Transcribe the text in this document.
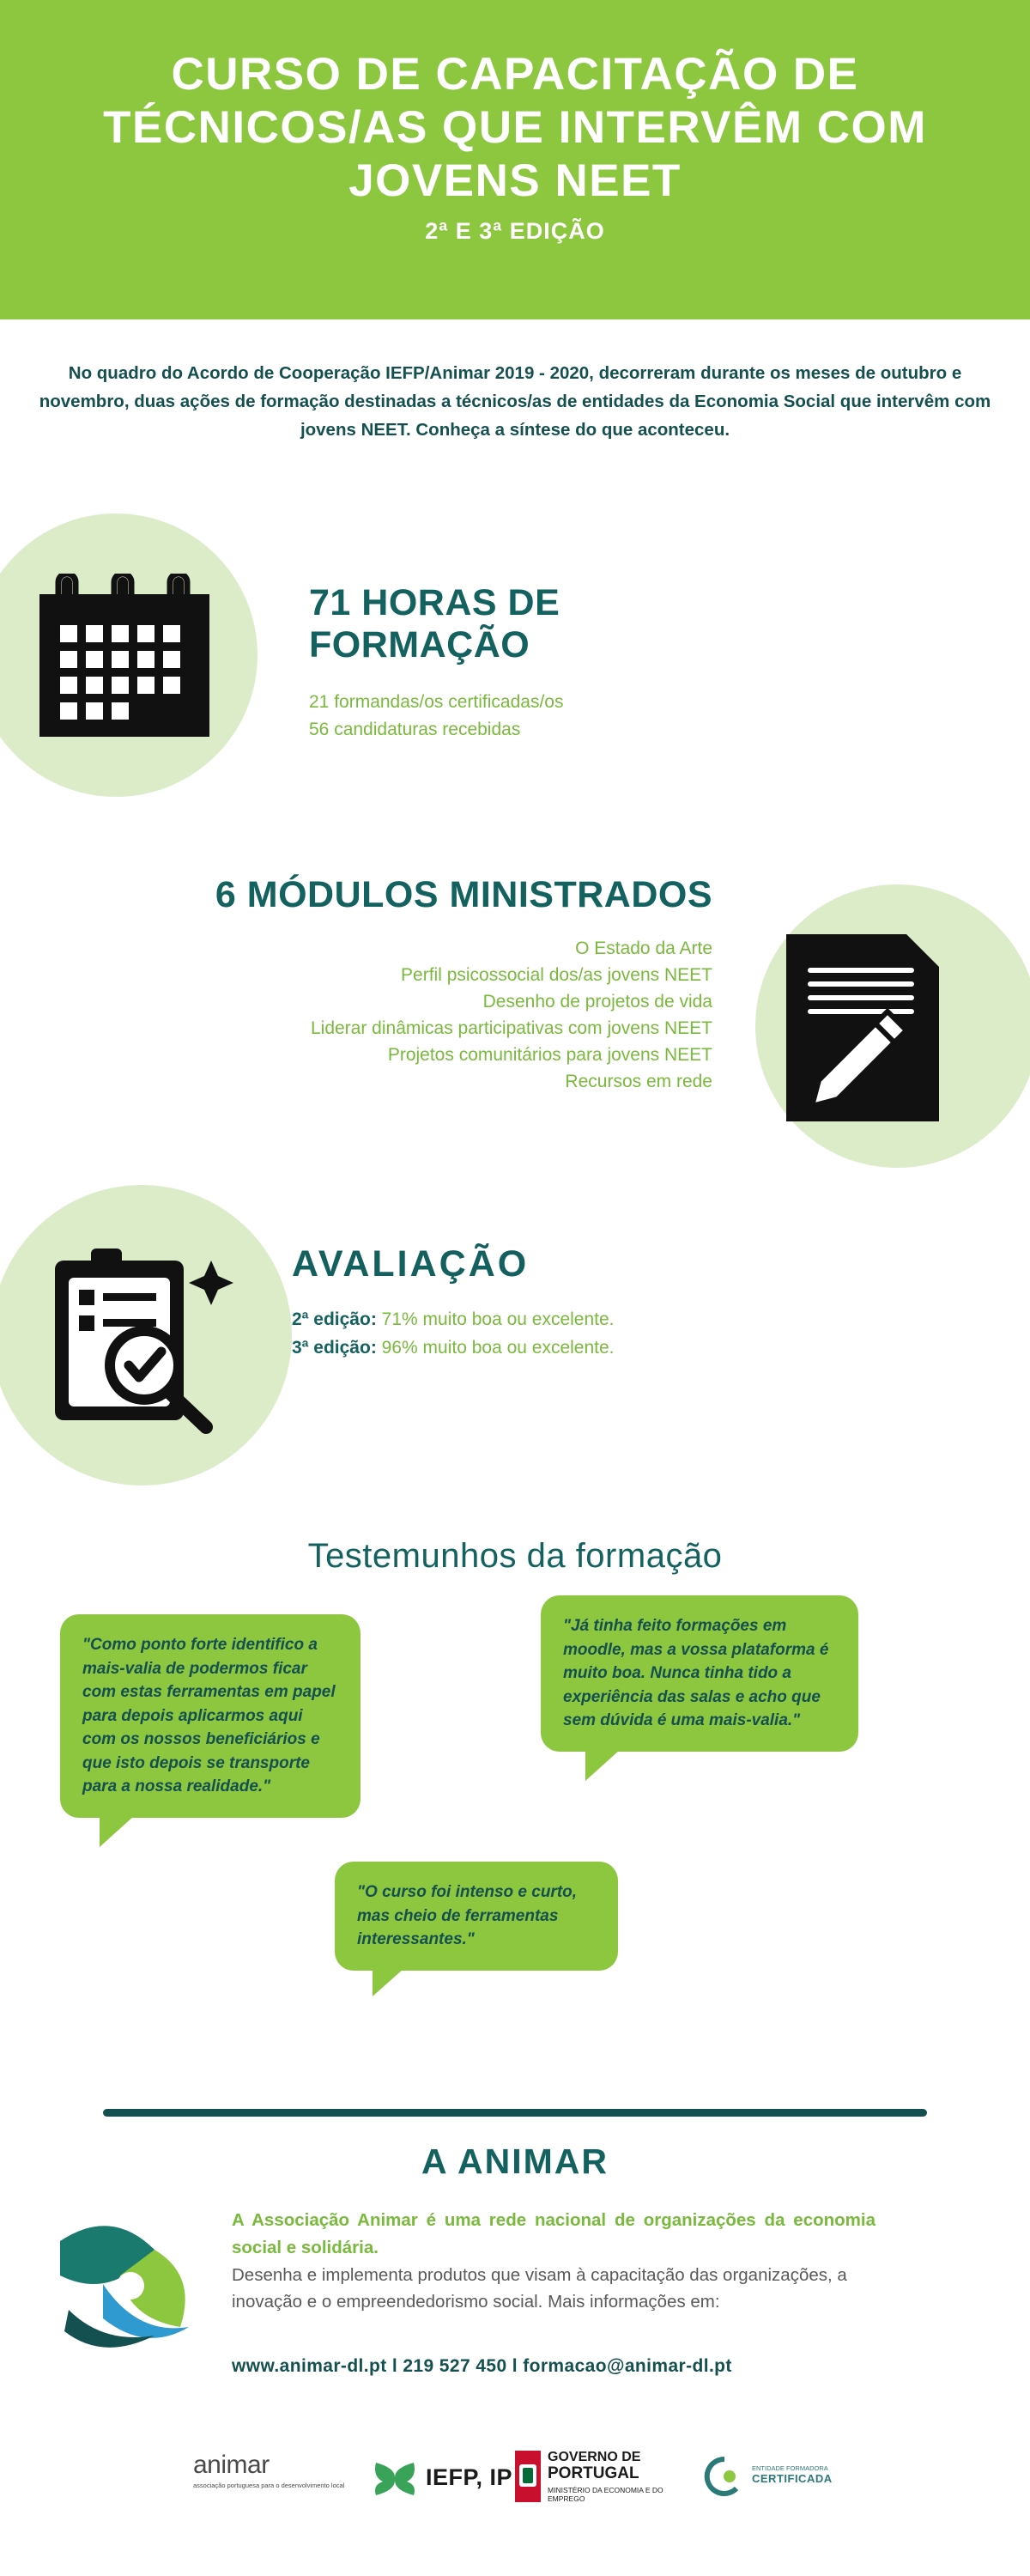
CURSO DE CAPACITAÇÃO DE TÉCNICOS/AS QUE INTERVÊM COM JOVENS NEET
2ª E 3ª EDIÇÃO
No quadro do Acordo de Cooperação IEFP/Animar 2019 - 2020, decorreram durante os meses de outubro e novembro, duas ações de formação destinadas a técnicos/as de entidades da Economia Social que intervêm com jovens NEET. Conheça a síntese do que aconteceu.
71 HORAS DE FORMAÇÃO
21 formandas/os certificadas/os
56 candidaturas recebidas
6 MÓDULOS MINISTRADOS
O Estado da Arte
Perfil psicossocial dos/as jovens NEET
Desenho de projetos de vida
Liderar dinâmicas participativas com jovens NEET
Projetos comunitários para jovens NEET
Recursos em rede
AVALIAÇÃO
2ª edição: 71% muito boa ou excelente.
3ª edição: 96% muito boa ou excelente.
Testemunhos da formação
"Como ponto forte identifico a mais-valia de podermos ficar com estas ferramentas em papel para depois aplicarmos aqui com os nossos beneficiários e que isto depois se transporte para a nossa realidade."
"Já tinha feito formações em moodle, mas a vossa plataforma é muito boa. Nunca tinha tido a experiência das salas e acho que sem dúvida é uma mais-valia."
"O curso foi intenso e curto, mas cheio de ferramentas interessantes."
A ANIMAR
A Associação Animar é uma rede nacional de organizações da economia social e solidária.
Desenha e implementa produtos que visam à capacitação das organizações, a inovação e o empreendedorismo social. Mais informações em:
www.animar-dl.pt l 219 527 450 l formacao@animar-dl.pt
animar
associação portuguesa para o desenvolvimento local	IEFP, IP
GOVERNO DE
PORTUGAL
MINISTÉRIO DA ECONOMIA E DO EMPREGO
ENTIDADE FORMADORA
CERTIFICADA
